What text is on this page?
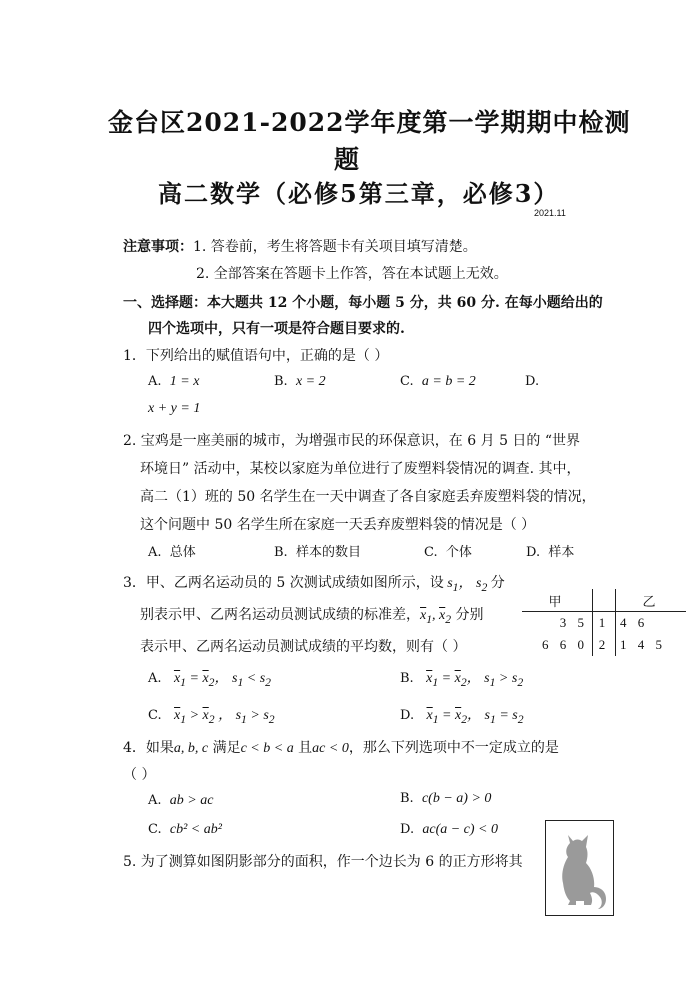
金台区2021-2022学年度第一学期期中检测
题
高二数学（必修5第三章，必修3）
2021.11
注意事项：1. 答卷前，考生将答题卡有关项目填写清楚。
2. 全部答案在答题卡上作答，答在本试题上无效。
一、选择题：本大题共 12 个小题，每小题 5 分，共 60 分. 在每小题给出的
四个选项中，只有一项是符合题目要求的.
1．下列给出的赋值语句中，正确的是（ ）
A. 1 = x	B. x = 2	C. a = b = 2	D.
x + y = 1
2. 宝鸡是一座美丽的城市，为增强市民的环保意识，在 6 月 5 日的 “世界
环境日” 活动中，某校以家庭为单位进行了废塑料袋情况的调查. 其中，
高二（1）班的 50 名学生在一天中调查了各自家庭丢弃废塑料袋的情况，
这个问题中 50 名学生所在家庭一天丢弃废塑料袋的情况是（ ）
A. 总体	B. 样本的数目	C. 个体	D. 样本
3．甲、乙两名运动员的 5 次测试成绩如图所示，设 $s_1$， $s_2$ 分
别表示甲、乙两名运动员测试成绩的标准差，$\overline{x}_1$, $\overline{x}_2$ 分别
表示甲、乙两名运动员测试成绩的平均数，则有（ ）
甲		乙
3 5	1	4 6
6 6 0	2	1 4 5
A. $\overline{x}_1 = \overline{x}_2$， $s_1 < s_2$	B. $\overline{x}_1 = \overline{x}_2$， $s_1 > s_2$
C. $\overline{x}_1 > \overline{x}_2$ ， $s_1 > s_2$	D. $\overline{x}_1 = \overline{x}_2$， $s_1 = s_2$
4．如果a, b, c 满足c < b < a 且ac < 0，那么下列选项中不一定成立的是
（ ）
A. ab > ac	B. c(b − a) > 0
C. cb² < ab²	D. ac(a − c) < 0
5. 为了测算如图阴影部分的面积，作一个边长为 6 的正方形将其
